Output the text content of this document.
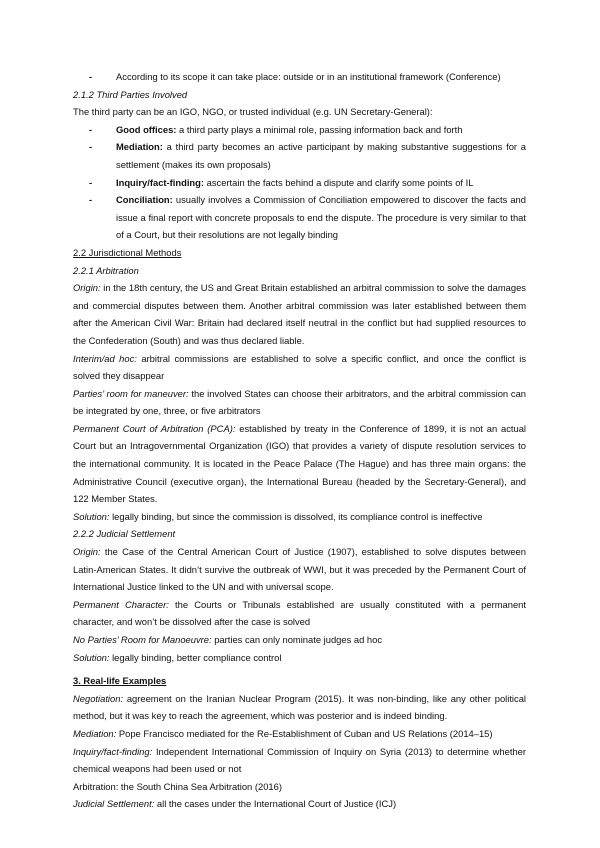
- According to its scope it can take place: outside or in an institutional framework (Conference)

2.1.2 Third Parties Involved

The third party can be an IGO, NGO, or trusted individual (e.g. UN Secretary-General):

- Good offices: a third party plays a minimal role, passing information back and forth

- Mediation: a third party becomes an active participant by making substantive suggestions for a settlement (makes its own proposals)

- Inquiry/fact-finding: ascertain the facts behind a dispute and clarify some points of IL

- Conciliation: usually involves a Commission of Conciliation empowered to discover the facts and issue a final report with concrete proposals to end the dispute. The procedure is very similar to that of a Court, but their resolutions are not legally binding

2.2 Jurisdictional Methods

2.2.1 Arbitration

Origin: in the 18th century, the US and Great Britain established an arbitral commission to solve the damages and commercial disputes between them. Another arbitral commission was later established between them after the American Civil War: Britain had declared itself neutral in the conflict but had supplied resources to the Confederation (South) and was thus declared liable.

Interim/ad hoc: arbitral commissions are established to solve a specific conflict, and once the conflict is solved they disappear

Parties’ room for maneuver: the involved States can choose their arbitrators, and the arbitral commission can be integrated by one, three, or five arbitrators

Permanent Court of Arbitration (PCA): established by treaty in the Conference of 1899, it is not an actual Court but an Intragovernmental Organization (IGO) that provides a variety of dispute resolution services to the international community. It is located in the Peace Palace (The Hague) and has three main organs: the Administrative Council (executive organ), the International Bureau (headed by the Secretary-General), and 122 Member States.

Solution: legally binding, but since the commission is dissolved, its compliance control is ineffective

2.2.2 Judicial Settlement

Origin: the Case of the Central American Court of Justice (1907), established to solve disputes between Latin-American States. It didn’t survive the outbreak of WWI, but it was preceded by the Permanent Court of International Justice linked to the UN and with universal scope.

Permanent Character: the Courts or Tribunals established are usually constituted with a permanent character, and won’t be dissolved after the case is solved

No Parties’ Room for Manoeuvre: parties can only nominate judges ad hoc

Solution: legally binding, better compliance control

3. Real-life Examples

Negotiation: agreement on the Iranian Nuclear Program (2015). It was non-binding, like any other political method, but it was key to reach the agreement, which was posterior and is indeed binding.

Mediation: Pope Francisco mediated for the Re-Establishment of Cuban and US Relations (2014–15)

Inquiry/fact-finding: Independent International Commission of Inquiry on Syria (2013) to determine whether chemical weapons had been used or not

Arbitration: the South China Sea Arbitration (2016)

Judicial Settlement: all the cases under the International Court of Justice (ICJ)
